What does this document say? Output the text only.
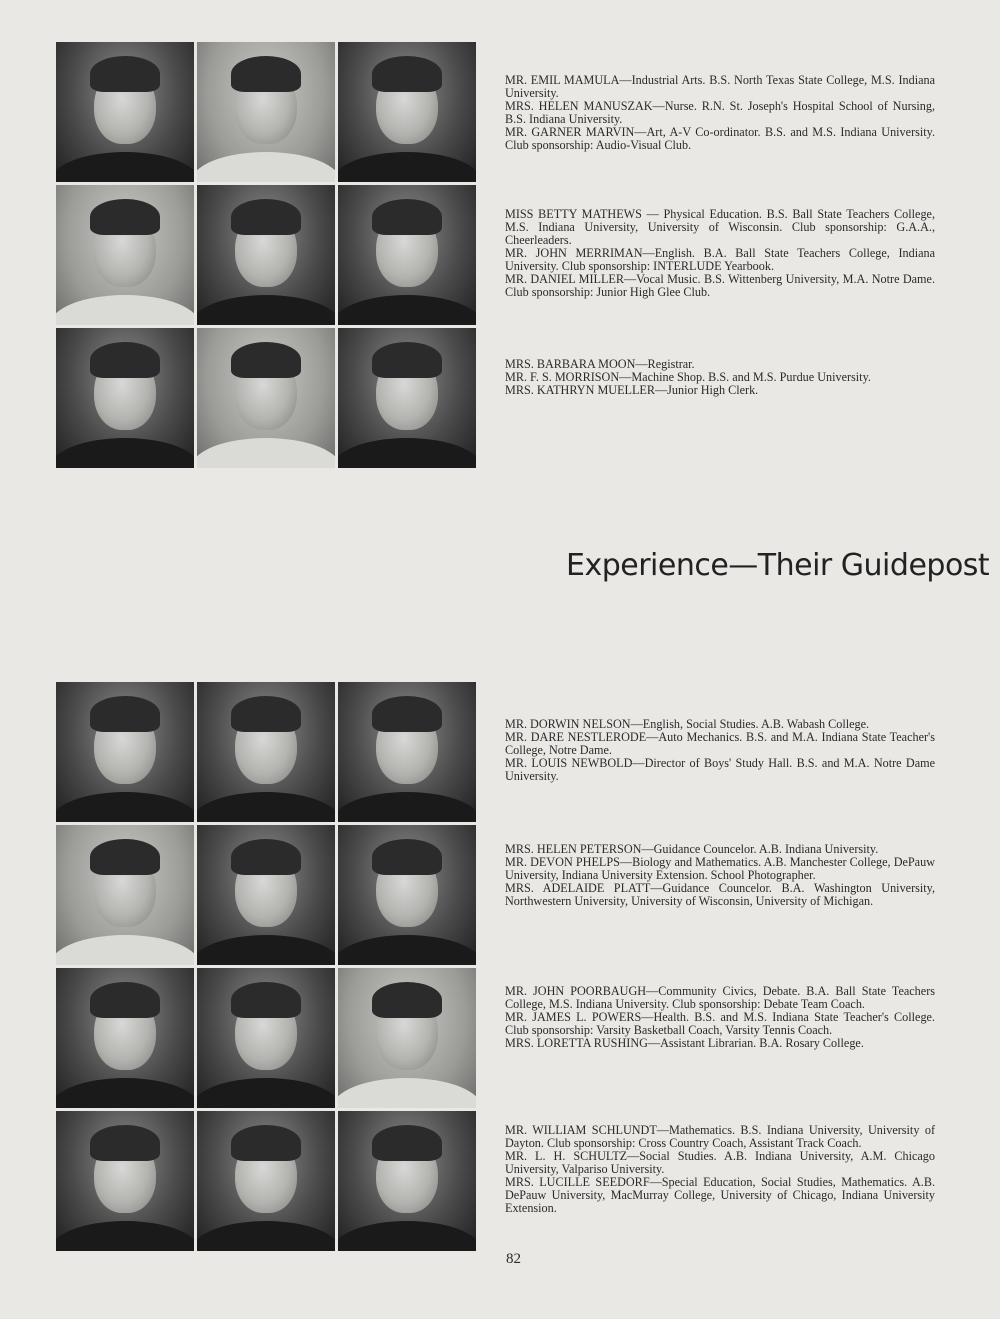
MR. EMIL MAMULA—Industrial Arts. B.S. North Texas State College, M.S. Indiana University.

MRS. HELEN MANUSZAK—Nurse. R.N. St. Joseph's Hospital School of Nursing, B.S. Indiana University.

MR. GARNER MARVIN—Art, A-V Co-ordinator. B.S. and M.S. Indiana University. Club sponsorship: Audio-Visual Club.

MISS BETTY MATHEWS — Physical Education. B.S. Ball State Teachers College, M.S. Indiana University, University of Wisconsin. Club sponsorship: G.A.A., Cheerleaders.

MR. JOHN MERRIMAN—English. B.A. Ball State Teachers College, Indiana University. Club sponsorship: INTERLUDE Yearbook.

MR. DANIEL MILLER—Vocal Music. B.S. Wittenberg University, M.A. Notre Dame. Club sponsorship: Junior High Glee Club.

MRS. BARBARA MOON—Registrar.

MR. F. S. MORRISON—Machine Shop. B.S. and M.S. Purdue University.

MRS. KATHRYN MUELLER—Junior High Clerk.

Experience—Their Guidepost

MR. DORWIN NELSON—English, Social Studies. A.B. Wabash College.

MR. DARE NESTLERODE—Auto Mechanics. B.S. and M.A. Indiana State Teacher's College, Notre Dame.

MR. LOUIS NEWBOLD—Director of Boys' Study Hall. B.S. and M.A. Notre Dame University.

MRS. HELEN PETERSON—Guidance Councelor. A.B. Indiana University.

MR. DEVON PHELPS—Biology and Mathematics. A.B. Manchester College, DePauw University, Indiana University Extension. School Photographer.

MRS. ADELAIDE PLATT—Guidance Councelor. B.A. Washington University, Northwestern University, University of Wisconsin, University of Michigan.

MR. JOHN POORBAUGH—Community Civics, Debate. B.A. Ball State Teachers College, M.S. Indiana University. Club sponsorship: Debate Team Coach.

MR. JAMES L. POWERS—Health. B.S. and M.S. Indiana State Teacher's College. Club sponsorship: Varsity Basketball Coach, Varsity Tennis Coach.

MRS. LORETTA RUSHING—Assistant Librarian. B.A. Rosary College.

MR. WILLIAM SCHLUNDT—Mathematics. B.S. Indiana University, University of Dayton. Club sponsorship: Cross Country Coach, Assistant Track Coach.

MR. L. H. SCHULTZ—Social Studies. A.B. Indiana University, A.M. Chicago University, Valpariso University.

MRS. LUCILLE SEEDORF—Special Education, Social Studies, Mathematics. A.B. DePauw University, MacMurray College, University of Chicago, Indiana University Extension.

82
